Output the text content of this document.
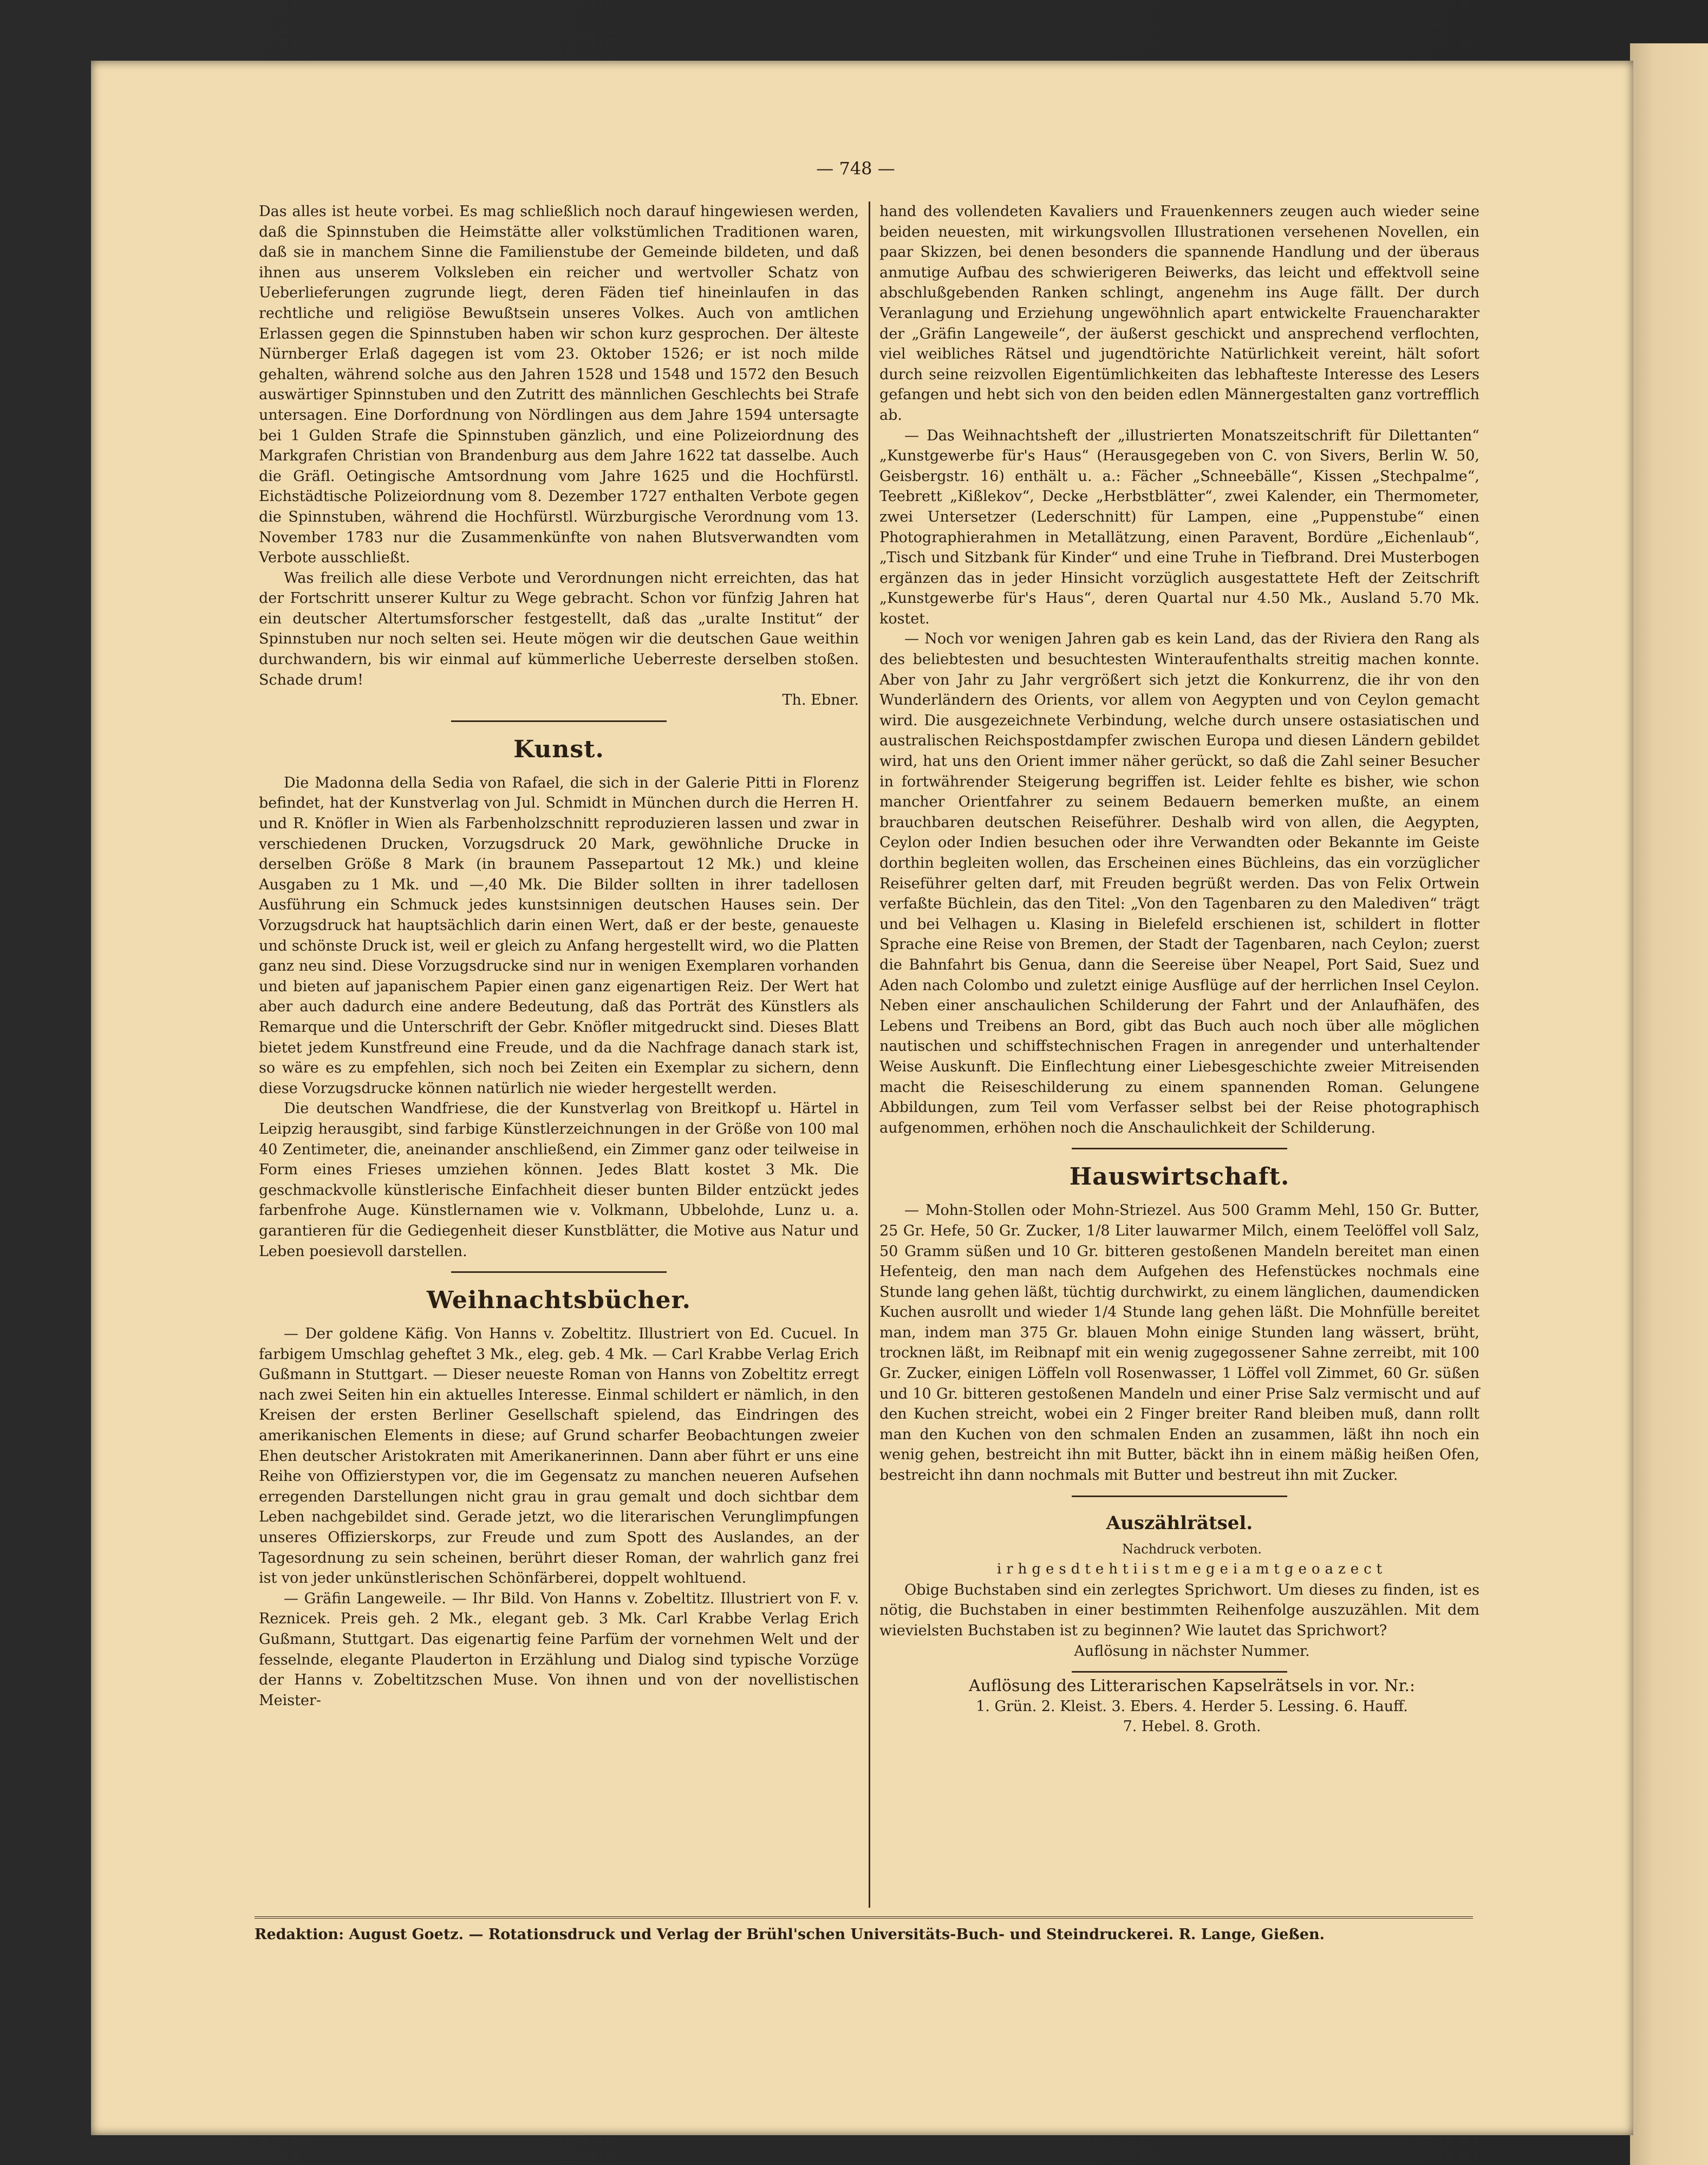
— 748 —

Das alles ist heute vorbei. Es mag schließlich noch darauf hingewiesen werden, daß die Spinnstuben die Heimstätte aller volkstümlichen Traditionen waren, daß sie in manchem Sinne die Familienstube der Gemeinde bildeten, und daß ihnen aus unserem Volksleben ein reicher und wertvoller Schatz von Ueberlieferungen zugrunde liegt, deren Fäden tief hineinlaufen in das rechtliche und religiöse Bewußtsein unseres Volkes. Auch von amtlichen Erlassen gegen die Spinnstuben haben wir schon kurz gesprochen. Der älteste Nürnberger Erlaß dagegen ist vom 23. Oktober 1526; er ist noch milde gehalten, während solche aus den Jahren 1528 und 1548 und 1572 den Besuch auswärtiger Spinnstuben und den Zutritt des männlichen Geschlechts bei Strafe untersagen. Eine Dorfordnung von Nördlingen aus dem Jahre 1594 untersagte bei 1 Gulden Strafe die Spinnstuben gänzlich, und eine Polizeiordnung des Markgrafen Christian von Brandenburg aus dem Jahre 1622 tat dasselbe. Auch die Gräfl. Oetingische Amtsordnung vom Jahre 1625 und die Hochfürstl. Eichstädtische Polizeiordnung vom 8. Dezember 1727 enthalten Verbote gegen die Spinnstuben, während die Hochfürstl. Würzburgische Verordnung vom 13. November 1783 nur die Zusammenkünfte von nahen Blutsverwandten vom Verbote ausschließt.

Was freilich alle diese Verbote und Verordnungen nicht erreichten, das hat der Fortschritt unserer Kultur zu Wege gebracht. Schon vor fünfzig Jahren hat ein deutscher Altertumsforscher festgestellt, daß das „uralte Institut“ der Spinnstuben nur noch selten sei. Heute mögen wir die deutschen Gaue weithin durchwandern, bis wir einmal auf kümmerliche Ueberreste derselben stoßen. Schade drum!

Th. Ebner.

Kunst.

Die Madonna della Sedia von Rafael, die sich in der Galerie Pitti in Florenz befindet, hat der Kunstverlag von Jul. Schmidt in München durch die Herren H. und R. Knöfler in Wien als Farbenholzschnitt reproduzieren lassen und zwar in verschiedenen Drucken, Vorzugsdruck 20 Mark, gewöhnliche Drucke in derselben Größe 8 Mark (in braunem Passepartout 12 Mk.) und kleine Ausgaben zu 1 Mk. und —,40 Mk. Die Bilder sollten in ihrer tadellosen Ausführung ein Schmuck jedes kunstsinnigen deutschen Hauses sein. Der Vorzugsdruck hat hauptsächlich darin einen Wert, daß er der beste, genaueste und schönste Druck ist, weil er gleich zu Anfang hergestellt wird, wo die Platten ganz neu sind. Diese Vorzugsdrucke sind nur in wenigen Exemplaren vorhanden und bieten auf japanischem Papier einen ganz eigenartigen Reiz. Der Wert hat aber auch dadurch eine andere Bedeutung, daß das Porträt des Künstlers als Remarque und die Unterschrift der Gebr. Knöfler mitgedruckt sind. Dieses Blatt bietet jedem Kunstfreund eine Freude, und da die Nachfrage danach stark ist, so wäre es zu empfehlen, sich noch bei Zeiten ein Exemplar zu sichern, denn diese Vorzugsdrucke können natürlich nie wieder hergestellt werden.

Die deutschen Wandfriese, die der Kunstverlag von Breitkopf u. Härtel in Leipzig herausgibt, sind farbige Künstlerzeichnungen in der Größe von 100 mal 40 Zentimeter, die, aneinander anschließend, ein Zimmer ganz oder teilweise in Form eines Frieses umziehen können. Jedes Blatt kostet 3 Mk. Die geschmackvolle künstlerische Einfachheit dieser bunten Bilder entzückt jedes farbenfrohe Auge. Künstlernamen wie v. Volkmann, Ubbelohde, Lunz u. a. garantieren für die Gediegenheit dieser Kunstblätter, die Motive aus Natur und Leben poesievoll darstellen.

Weihnachtsbücher.

— Der goldene Käfig. Von Hanns v. Zobeltitz. Illustriert von Ed. Cucuel. In farbigem Umschlag geheftet 3 Mk., eleg. geb. 4 Mk. — Carl Krabbe Verlag Erich Gußmann in Stuttgart. — Dieser neueste Roman von Hanns von Zobeltitz erregt nach zwei Seiten hin ein aktuelles Interesse. Einmal schildert er nämlich, in den Kreisen der ersten Berliner Gesellschaft spielend, das Eindringen des amerikanischen Elements in diese; auf Grund scharfer Beobachtungen zweier Ehen deutscher Aristokraten mit Amerikanerinnen. Dann aber führt er uns eine Reihe von Offizierstypen vor, die im Gegensatz zu manchen neueren Aufsehen erregenden Darstellungen nicht grau in grau gemalt und doch sichtbar dem Leben nachgebildet sind. Gerade jetzt, wo die literarischen Verunglimpfungen unseres Offizierskorps, zur Freude und zum Spott des Auslandes, an der Tagesordnung zu sein scheinen, berührt dieser Roman, der wahrlich ganz frei ist von jeder unkünstlerischen Schönfärberei, doppelt wohltuend.

— Gräfin Langeweile. — Ihr Bild. Von Hanns v. Zobeltitz. Illustriert von F. v. Reznicek. Preis geh. 2 Mk., elegant geb. 3 Mk. Carl Krabbe Verlag Erich Gußmann, Stuttgart. Das eigenartig feine Parfüm der vornehmen Welt und der fesselnde, elegante Plauderton in Erzählung und Dialog sind typische Vorzüge der Hanns v. Zobeltitzschen Muse. Von ihnen und von der novellistischen Meister-

hand des vollendeten Kavaliers und Frauenkenners zeugen auch wieder seine beiden neuesten, mit wirkungsvollen Illustrationen versehenen Novellen, ein paar Skizzen, bei denen besonders die spannende Handlung und der überaus anmutige Aufbau des schwierigeren Beiwerks, das leicht und effektvoll seine abschlußgebenden Ranken schlingt, angenehm ins Auge fällt. Der durch Veranlagung und Erziehung ungewöhnlich apart entwickelte Frauencharakter der „Gräfin Langeweile“, der äußerst geschickt und ansprechend verflochten, viel weibliches Rätsel und jugendtörichte Natürlichkeit vereint, hält sofort durch seine reizvollen Eigentümlichkeiten das lebhafteste Interesse des Lesers gefangen und hebt sich von den beiden edlen Männergestalten ganz vortrefflich ab.

— Das Weihnachtsheft der „illustrierten Monatszeitschrift für Dilettanten“ „Kunstgewerbe für's Haus“ (Herausgegeben von C. von Sivers, Berlin W. 50, Geisbergstr. 16) enthält u. a.: Fächer „Schneebälle“, Kissen „Stechpalme“, Teebrett „Kißlekov“, Decke „Herbstblätter“, zwei Kalender, ein Thermometer, zwei Untersetzer (Lederschnitt) für Lampen, eine „Puppenstube“ einen Photographierahmen in Metallätzung, einen Paravent, Bordüre „Eichenlaub“, „Tisch und Sitzbank für Kinder“ und eine Truhe in Tiefbrand. Drei Musterbogen ergänzen das in jeder Hinsicht vorzüglich ausgestattete Heft der Zeitschrift „Kunstgewerbe für's Haus“, deren Quartal nur 4.50 Mk., Ausland 5.70 Mk. kostet.

— Noch vor wenigen Jahren gab es kein Land, das der Riviera den Rang als des beliebtesten und besuchtesten Winteraufenthalts streitig machen konnte. Aber von Jahr zu Jahr vergrößert sich jetzt die Konkurrenz, die ihr von den Wunderländern des Orients, vor allem von Aegypten und von Ceylon gemacht wird. Die ausgezeichnete Verbindung, welche durch unsere ostasiatischen und australischen Reichspostdampfer zwischen Europa und diesen Ländern gebildet wird, hat uns den Orient immer näher gerückt, so daß die Zahl seiner Besucher in fortwährender Steigerung begriffen ist. Leider fehlte es bisher, wie schon mancher Orientfahrer zu seinem Bedauern bemerken mußte, an einem brauchbaren deutschen Reiseführer. Deshalb wird von allen, die Aegypten, Ceylon oder Indien besuchen oder ihre Verwandten oder Bekannte im Geiste dorthin begleiten wollen, das Erscheinen eines Büchleins, das ein vorzüglicher Reiseführer gelten darf, mit Freuden begrüßt werden. Das von Felix Ortwein verfaßte Büchlein, das den Titel: „Von den Tagenbaren zu den Malediven“ trägt und bei Velhagen u. Klasing in Bielefeld erschienen ist, schildert in flotter Sprache eine Reise von Bremen, der Stadt der Tagenbaren, nach Ceylon; zuerst die Bahnfahrt bis Genua, dann die Seereise über Neapel, Port Said, Suez und Aden nach Colombo und zuletzt einige Ausflüge auf der herrlichen Insel Ceylon. Neben einer anschaulichen Schilderung der Fahrt und der Anlaufhäfen, des Lebens und Treibens an Bord, gibt das Buch auch noch über alle möglichen nautischen und schiffstechnischen Fragen in anregender und unterhaltender Weise Auskunft. Die Einflechtung einer Liebesgeschichte zweier Mitreisenden macht die Reiseschilderung zu einem spannenden Roman. Gelungene Abbildungen, zum Teil vom Verfasser selbst bei der Reise photographisch aufgenommen, erhöhen noch die Anschaulichkeit der Schilderung.

Hauswirtschaft.

— Mohn-Stollen oder Mohn-Striezel. Aus 500 Gramm Mehl, 150 Gr. Butter, 25 Gr. Hefe, 50 Gr. Zucker, 1/8 Liter lauwarmer Milch, einem Teelöffel voll Salz, 50 Gramm süßen und 10 Gr. bitteren gestoßenen Mandeln bereitet man einen Hefenteig, den man nach dem Aufgehen des Hefenstückes nochmals eine Stunde lang gehen läßt, tüchtig durchwirkt, zu einem länglichen, daumendicken Kuchen ausrollt und wieder 1/4 Stunde lang gehen läßt. Die Mohnfülle bereitet man, indem man 375 Gr. blauen Mohn einige Stunden lang wässert, brüht, trocknen läßt, im Reibnapf mit ein wenig zugegossener Sahne zerreibt, mit 100 Gr. Zucker, einigen Löffeln voll Rosenwasser, 1 Löffel voll Zimmet, 60 Gr. süßen und 10 Gr. bitteren gestoßenen Mandeln und einer Prise Salz vermischt und auf den Kuchen streicht, wobei ein 2 Finger breiter Rand bleiben muß, dann rollt man den Kuchen von den schmalen Enden an zusammen, läßt ihn noch ein wenig gehen, bestreicht ihn mit Butter, bäckt ihn in einem mäßig heißen Ofen, bestreicht ihn dann nochmals mit Butter und bestreut ihn mit Zucker.

Auszählrätsel.

Nachdruck verboten.

irhgesdtehtiistmegeiamtgeoazect

Obige Buchstaben sind ein zerlegtes Sprichwort. Um dieses zu finden, ist es nötig, die Buchstaben in einer bestimmten Reihenfolge auszuzählen. Mit dem wievielsten Buchstaben ist zu beginnen? Wie lautet das Sprichwort?

Auflösung in nächster Nummer.

Auflösung des Litterarischen Kapselrätsels in vor. Nr.:

1. Grün. 2. Kleist. 3. Ebers. 4. Herder 5. Lessing. 6. Hauff.

7. Hebel. 8. Groth.

Redaktion: August Goetz. — Rotationsdruck und Verlag der Brühl'schen Universitäts-Buch- und Steindruckerei. R. Lange, Gießen.
